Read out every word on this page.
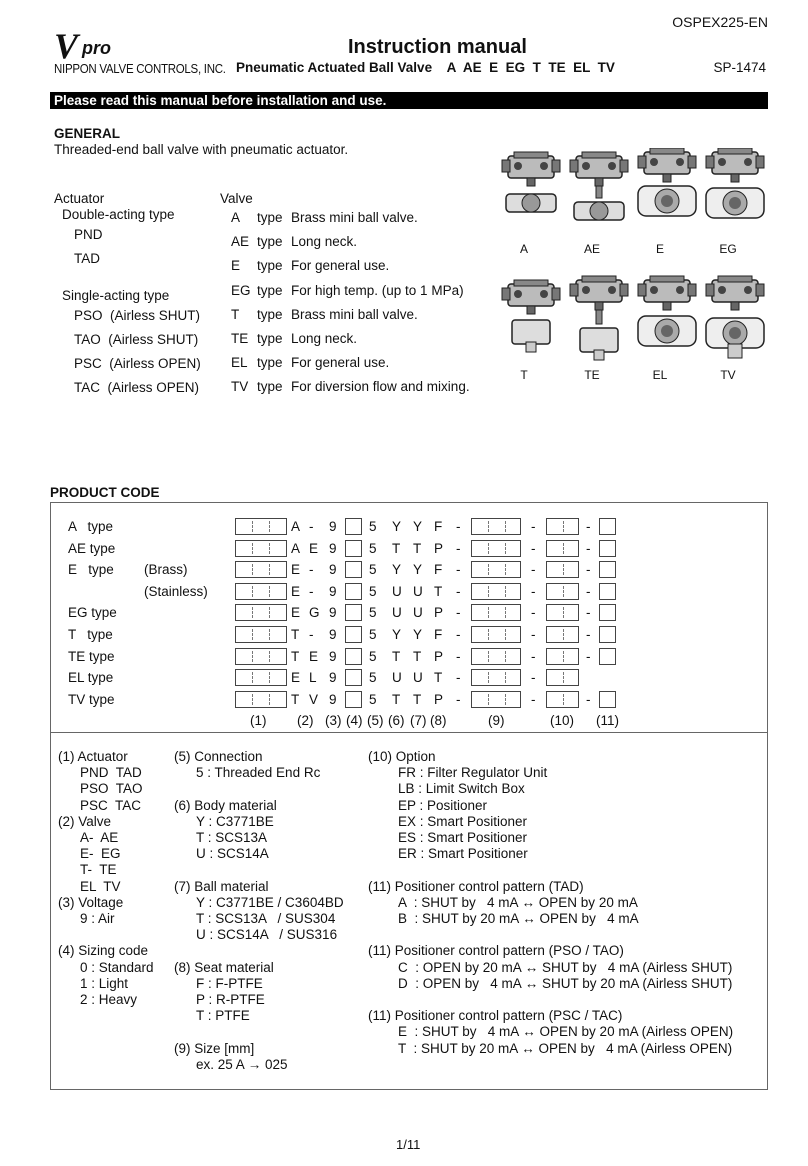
OSPEX225-EN
V pro
NIPPON VALVE CONTROLS, INC.
Instruction manual
Pneumatic Actuated Ball Valve    A  AE  E  EG  T  TE  EL  TV	SP-1474
Please read this manual before installation and use.
GENERAL
Threaded-end ball valve with pneumatic actuator.
Actuator
Double-acting type
PND
TAD
Single-acting type
PSO  (Airless SHUT)
TAO  (Airless SHUT)
PSC  (Airless OPEN)
TAC  (Airless OPEN)
Valve
A type Brass mini ball valve.
AE type Long neck.
E type For general use.
EG type For high temp. (up to 1 MPa)
T type Brass mini ball valve.
TE type Long neck.
EL type For general use.
TV type For diversion flow and mixing.
A	AE	E	EG
T	TE	EL	TV
PRODUCT CODE
A   type	A - 9 5 Y Y F -	-	-
AE type	A E 9 5 T T P -	-	-
E   type (Brass)	E - 9 5 Y Y F -	-	-
(Stainless)	E - 9 5 U U T -	-	-
EG type	E G 9 5 U U P -	-	-
T   type	T - 9 5 Y Y F -	-	-
TE type	T E 9 5 T T P -	-	-
EL type	E L 9 5 U U T -	-
TV type	T V 9 5 T T P -	-	-
(1) (2) (3) (4) (5) (6) (7) (8)	(9)	(10) (11)
(1) Actuator
PND  TAD
PSO  TAO
PSC  TAC
(2) Valve
A-  AE
E-  EG
T-  TE
EL  TV
(3) Voltage
9 : Air
(4) Sizing code
0 : Standard
1 : Light
2 : Heavy
(5) Connection
5 : Threaded End Rc
(6) Body material
Y : C3771BE
T : SCS13A
U : SCS14A
(7) Ball material
Y : C3771BE / C3604BD
T : SCS13A   / SUS304
U : SCS14A   / SUS316
(8) Seat material
F : F-PTFE
P : R-PTFE
T : PTFE
(9) Size [mm]
ex. 25 A → 025
(10) Option
FR : Filter Regulator Unit
LB : Limit Switch Box
EP : Positioner
EX : Smart Positioner
ES : Smart Positioner
ER : Smart Positioner
(11) Positioner control pattern (TAD)
A  : SHUT by   4 mA ↔ OPEN by 20 mA
B  : SHUT by 20 mA ↔ OPEN by   4 mA
(11) Positioner control pattern (PSO / TAO)
C  : OPEN by 20 mA ↔ SHUT by   4 mA (Airless SHUT)
D  : OPEN by   4 mA ↔ SHUT by 20 mA (Airless SHUT)
(11) Positioner control pattern (PSC / TAC)
E  : SHUT by   4 mA ↔ OPEN by 20 mA (Airless OPEN)
T  : SHUT by 20 mA ↔ OPEN by   4 mA (Airless OPEN)
1/11
